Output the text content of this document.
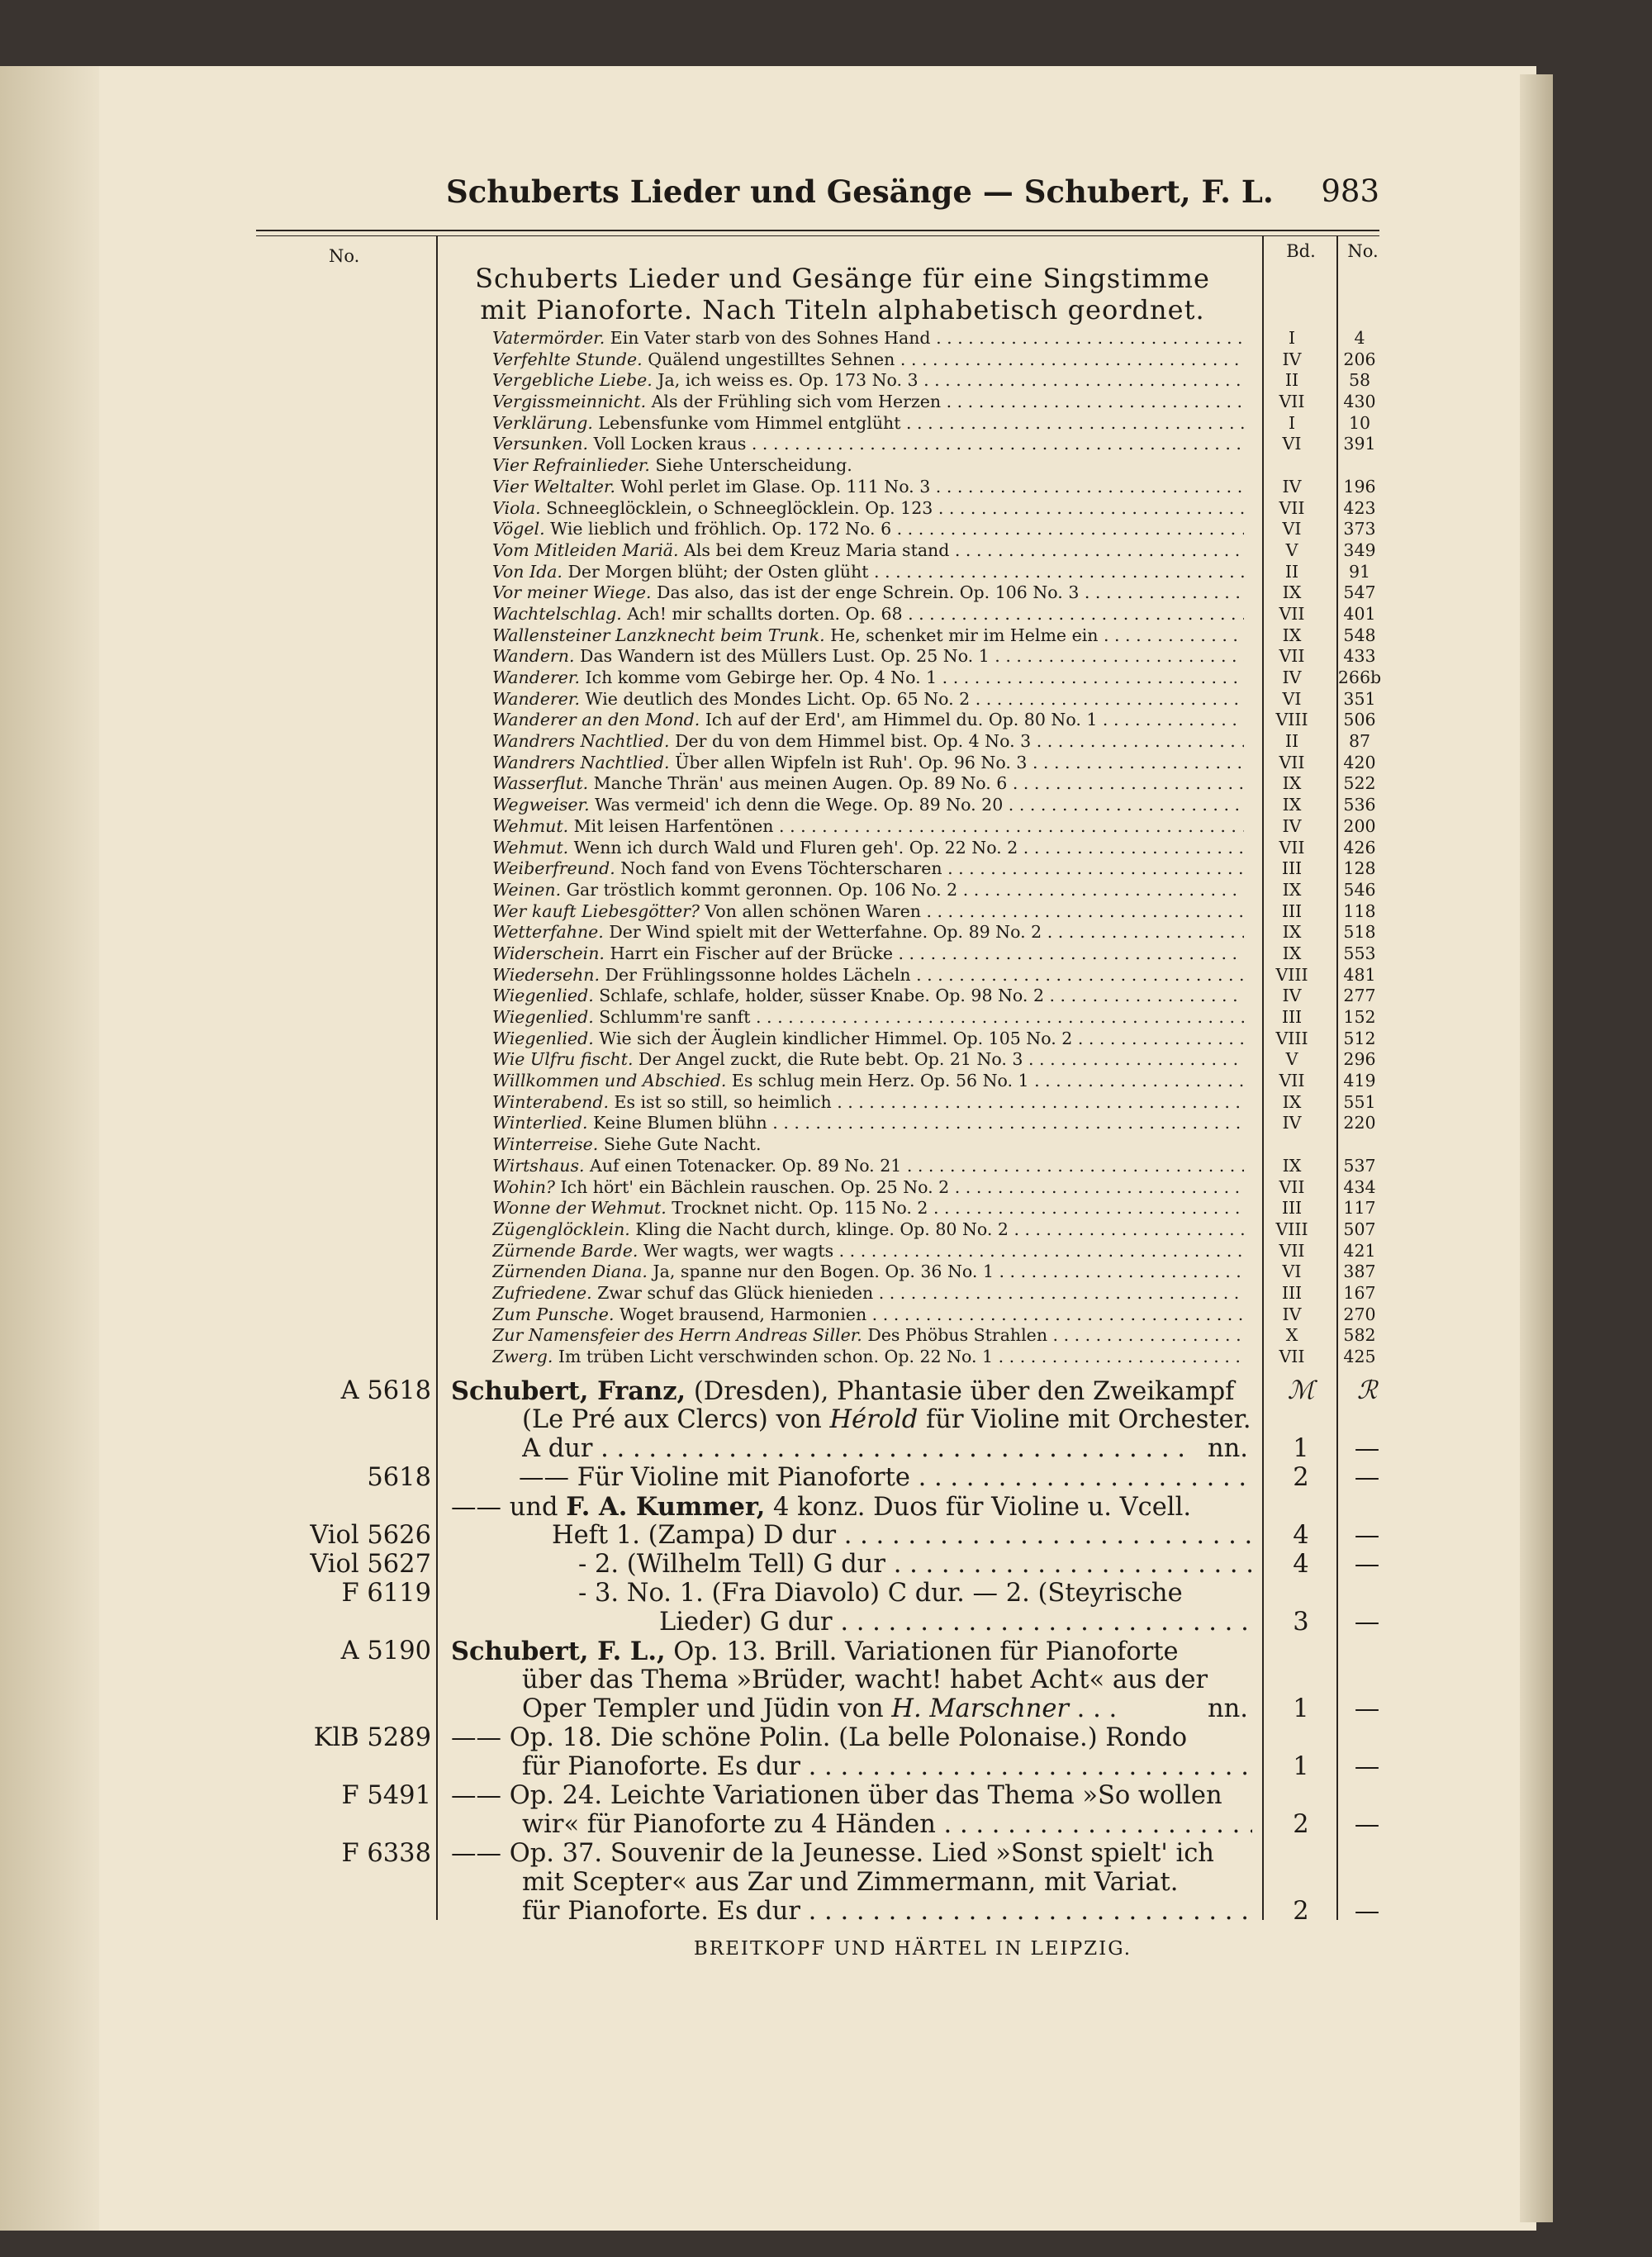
Schuberts Lieder und Gesänge — Schubert, F. L. 983
No.	Bd.	No.
Schuberts Lieder und Gesänge für eine Singstimme
mit Pianoforte. Nach Titeln alphabetisch geordnet.
Vatermörder. Ein Vater starb von des Sohnes Hand . . .	I	4
Verfehlte Stunde. Quälend ungestilltes Sehnen . . .	IV	206
Vergebliche Liebe. Ja, ich weiss es. Op. 173 No. 3 . . .	II	58
Vergissmeinnicht. Als der Frühling sich vom Herzen . . .	VII	430
Verklärung. Lebensfunke vom Himmel entglüht . . .	I	10
Versunken. Voll Locken kraus . . .	VI	391
Vier Refrainlieder. Siehe Unterscheidung.
Vier Weltalter. Wohl perlet im Glase. Op. 111 No. 3 . . .	IV	196
Viola. Schneeglöcklein, o Schneeglöcklein. Op. 123 . . .	VII	423
Vögel. Wie lieblich und fröhlich. Op. 172 No. 6 . . .	VI	373
Vom Mitleiden Mariä. Als bei dem Kreuz Maria stand . . .	V	349
Von Ida. Der Morgen blüht; der Osten glüht . . .	II	91
Vor meiner Wiege. Das also, das ist der enge Schrein. Op. 106 No. 3 . . .	IX	547
Wachtelschlag. Ach! mir schallts dorten. Op. 68 . . .	VII	401
Wallensteiner Lanzknecht beim Trunk. He, schenket mir im Helme ein . . .	IX	548
Wandern. Das Wandern ist des Müllers Lust. Op. 25 No. 1 . . .	VII	433
Wanderer. Ich komme vom Gebirge her. Op. 4 No. 1 . . .	IV	266b
Wanderer. Wie deutlich des Mondes Licht. Op. 65 No. 2 . . .	VI	351
Wanderer an den Mond. Ich auf der Erd', am Himmel du. Op. 80 No. 1 . . .	VIII	506
Wandrers Nachtlied. Der du von dem Himmel bist. Op. 4 No. 3 . . .	II	87
Wandrers Nachtlied. Über allen Wipfeln ist Ruh'. Op. 96 No. 3 . . .	VII	420
Wasserflut. Manche Thrän' aus meinen Augen. Op. 89 No. 6 . . .	IX	522
Wegweiser. Was vermeid' ich denn die Wege. Op. 89 No. 20 . . .	IX	536
Wehmut. Mit leisen Harfentönen . . .	IV	200
Wehmut. Wenn ich durch Wald und Fluren geh'. Op. 22 No. 2 . . .	VII	426
Weiberfreund. Noch fand von Evens Töchterscharen . . .	III	128
Weinen. Gar tröstlich kommt geronnen. Op. 106 No. 2 . . .	IX	546
Wer kauft Liebesgötter? Von allen schönen Waren . . .	III	118
Wetterfahne. Der Wind spielt mit der Wetterfahne. Op. 89 No. 2 . . .	IX	518
Widerschein. Harrt ein Fischer auf der Brücke . . .	IX	553
Wiedersehn. Der Frühlingssonne holdes Lächeln . . .	VIII	481
Wiegenlied. Schlafe, schlafe, holder, süsser Knabe. Op. 98 No. 2 . . .	IV	277
Wiegenlied. Schlumm're sanft . . .	III	152
Wiegenlied. Wie sich der Äuglein kindlicher Himmel. Op. 105 No. 2 . . .	VIII	512
Wie Ulfru fischt. Der Angel zuckt, die Rute bebt. Op. 21 No. 3 . . .	V	296
Willkommen und Abschied. Es schlug mein Herz. Op. 56 No. 1 . . .	VII	419
Winterabend. Es ist so still, so heimlich . . .	IX	551
Winterlied. Keine Blumen blühn . . .	IV	220
Winterreise. Siehe Gute Nacht.
Wirtshaus. Auf einen Totenacker. Op. 89 No. 21 . . .	IX	537
Wohin? Ich hört' ein Bächlein rauschen. Op. 25 No. 2 . . .	VII	434
Wonne der Wehmut. Trocknet nicht. Op. 115 No. 2 . . .	III	117
Zügenglöcklein. Kling die Nacht durch, klinge. Op. 80 No. 2 . . .	VIII	507
Zürnende Barde. Wer wagts, wer wagts . . .	VII	421
Zürnenden Diana. Ja, spanne nur den Bogen. Op. 36 No. 1 . . .	VI	387
Zufriedene. Zwar schuf das Glück hienieden . . .	III	167
Zum Punsche. Woget brausend, Harmonien . . .	IV	270
Zur Namensfeier des Herrn Andreas Siller. Des Phöbus Strahlen . . .	X	582
Zwerg. Im trüben Licht verschwinden schon. Op. 22 No. 1 . . .	VII	425
A 5618 Schubert, Franz, (Dresden), Phantasie über den Zweikampf	ℳ	ℛ
(Le Pré aux Clercs) von Hérold für Violine mit Orchester.
A dur . . .	nn.	1	—
5618	—— Für Violine mit Pianoforte . . .	2	—
—— und F. A. Kummer, 4 konz. Duos für Violine u. Vcell.
Viol 5626	Heft 1. (Zampa) D dur . . .	4	—
Viol 5627	- 2. (Wilhelm Tell) G dur . . .	4	—
F 6119	- 3. No. 1. (Fra Diavolo) C dur. — 2. (Steyrische
Lieder) G dur . . .	3	—
A 5190 Schubert, F. L., Op. 13. Brill. Variationen für Pianoforte
über das Thema »Brüder, wacht! habet Acht« aus der
Oper Templer und Jüdin von H. Marschner . . .	nn.	1	—
KlB 5289 —— Op. 18. Die schöne Polin. (La belle Polonaise.) Rondo
für Pianoforte. Es dur . . .	1	—
F 5491 —— Op. 24. Leichte Variationen über das Thema »So wollen
wir« für Pianoforte zu 4 Händen . . .	2	—
F 6338 —— Op. 37. Souvenir de la Jeunesse. Lied »Sonst spielt' ich
mit Scepter« aus Zar und Zimmermann, mit Variat.
für Pianoforte. Es dur . . .	2	—
BREITKOPF UND HÄRTEL IN LEIPZIG.
